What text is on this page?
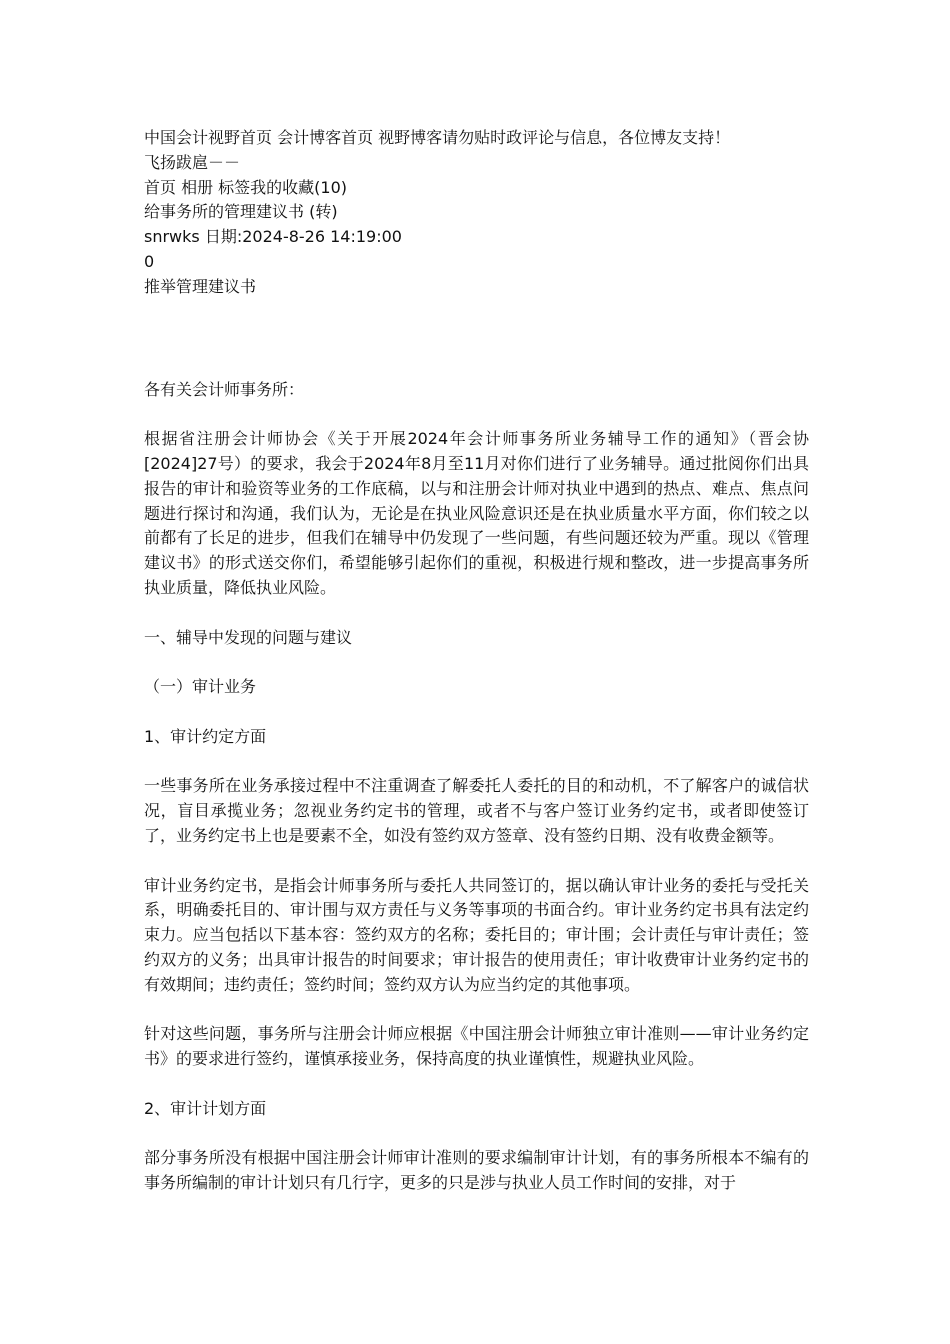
中国会计视野首页 会计博客首页 视野博客请勿贴时政评论与信息，各位博友支持！

飞扬跋扈－－

首页 相册 标签我的收藏(10)

给事务所的管理建议书 (转)

snrwks 日期:2024-8-26 14:19:00

0

推举管理建议书

各有关会计师事务所：

根据省注册会计师协会《关于开展2024年会计师事务所业务辅导工作的通知》（晋会协[2024]27号）的要求，我会于2024年8月至11月对你们进行了业务辅导。通过批阅你们出具报告的审计和验资等业务的工作底稿，以与和注册会计师对执业中遇到的热点、难点、焦点问题进行探讨和沟通，我们认为，无论是在执业风险意识还是在执业质量水平方面，你们较之以前都有了长足的进步，但我们在辅导中仍发现了一些问题，有些问题还较为严重。现以《管理建议书》的形式送交你们，希望能够引起你们的重视，积极进行规和整改，进一步提高事务所执业质量，降低执业风险。

一、辅导中发现的问题与建议

（一）审计业务

1、审计约定方面

一些事务所在业务承接过程中不注重调查了解委托人委托的目的和动机，不了解客户的诚信状况，盲目承揽业务；忽视业务约定书的管理，或者不与客户签订业务约定书，或者即使签订了，业务约定书上也是要素不全，如没有签约双方签章、没有签约日期、没有收费金额等。

审计业务约定书，是指会计师事务所与委托人共同签订的，据以确认审计业务的委托与受托关系，明确委托目的、审计围与双方责任与义务等事项的书面合约。审计业务约定书具有法定约束力。应当包括以下基本容：签约双方的名称；委托目的；审计围；会计责任与审计责任；签约双方的义务；出具审计报告的时间要求；审计报告的使用责任；审计收费审计业务约定书的有效期间；违约责任；签约时间；签约双方认为应当约定的其他事项。

针对这些问题，事务所与注册会计师应根据《中国注册会计师独立审计准则——审计业务约定书》的要求进行签约，谨慎承接业务，保持高度的执业谨慎性，规避执业风险。

2、审计计划方面

部分事务所没有根据中国注册会计师审计准则的要求编制审计计划，有的事务所根本不编有的事务所编制的审计计划只有几行字，更多的只是涉与执业人员工作时间的安排，对于
